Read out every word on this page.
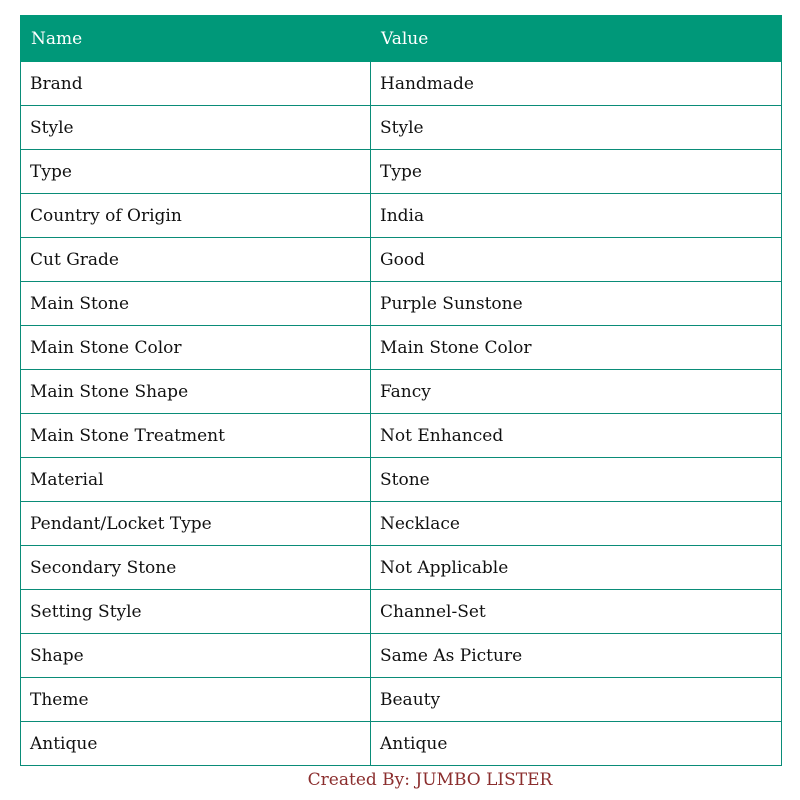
Name	Value
Brand	Handmade
Style	Style
Type	Type
Country of Origin	India
Cut Grade	Good
Main Stone	Purple Sunstone
Main Stone Color	Main Stone Color
Main Stone Shape	Fancy
Main Stone Treatment	Not Enhanced
Material	Stone
Pendant/Locket Type	Necklace
Secondary Stone	Not Applicable
Setting Style	Channel-Set
Shape	Same As Picture
Theme	Beauty
Antique	Antique
Created By: JUMBO LISTER
